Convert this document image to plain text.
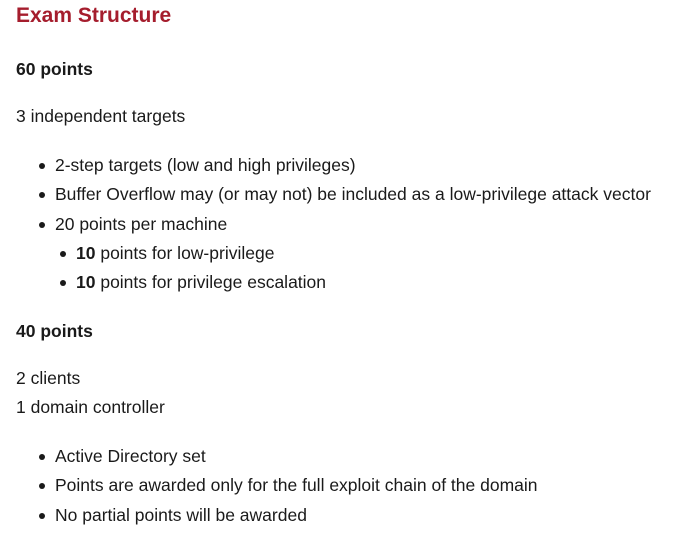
Exam Structure
60 points
3 independent targets
2-step targets (low and high privileges)
Buffer Overflow may (or may not) be included as a low-privilege attack vector
20 points per machine
10 points for low-privilege
10 points for privilege escalation
40 points
2 clients
1 domain controller
Active Directory set
Points are awarded only for the full exploit chain of the domain
No partial points will be awarded
